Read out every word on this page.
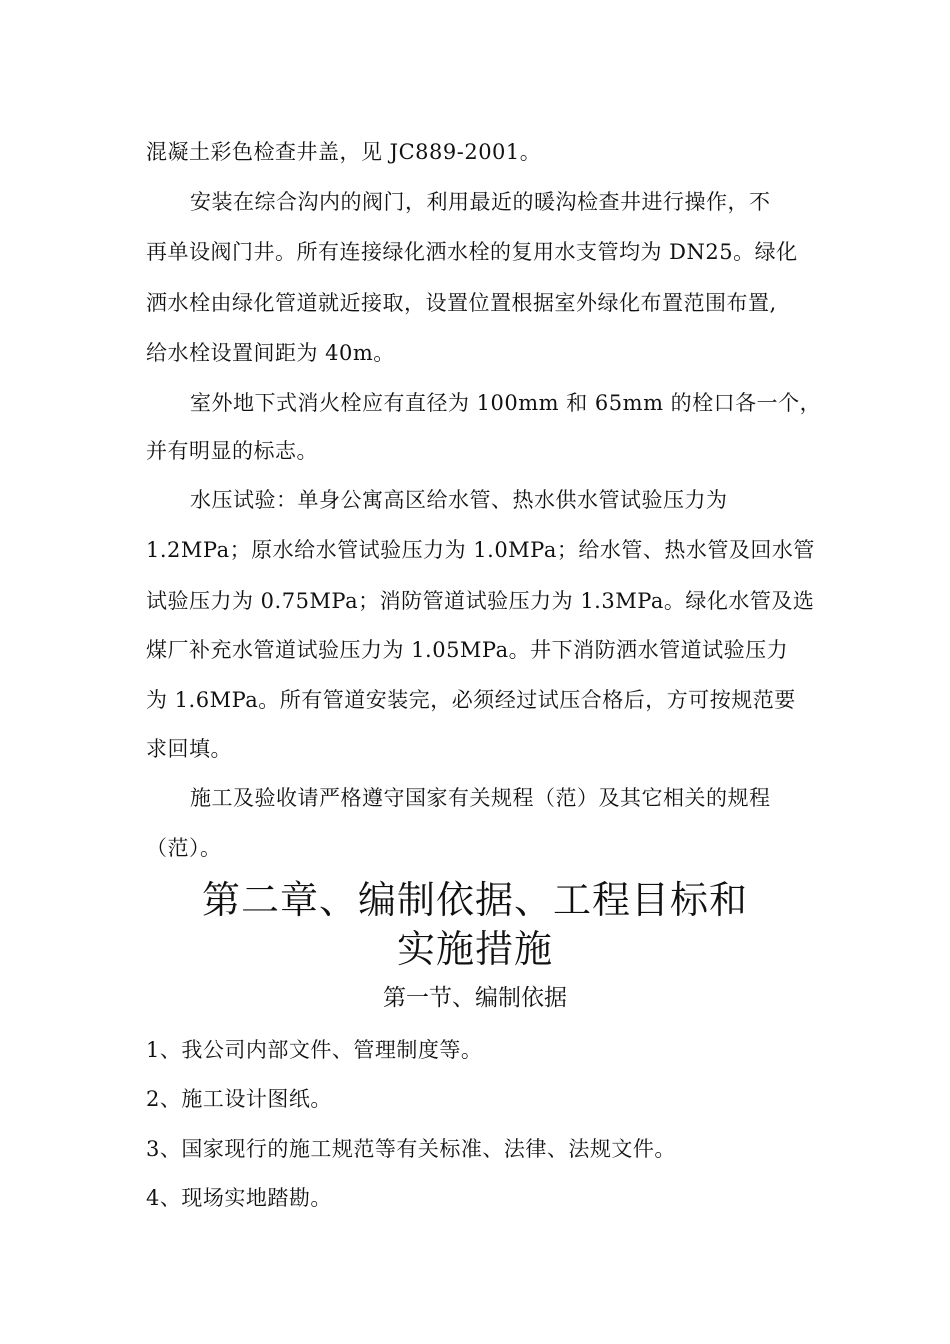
混凝土彩色检查井盖，见 JC889-2001。
安装在综合沟内的阀门，利用最近的暖沟检查井进行操作，不
再单设阀门井。所有连接绿化洒水栓的复用水支管均为 DN25。绿化
洒水栓由绿化管道就近接取，设置位置根据室外绿化布置范围布置,
给水栓设置间距为 40m。
室外地下式消火栓应有直径为 100mm 和 65mm 的栓口各一个，
并有明显的标志。
水压试验：单身公寓高区给水管、热水供水管试验压力为
1.2MPa；原水给水管试验压力为 1.0MPa；给水管、热水管及回水管
试验压力为 0.75MPa；消防管道试验压力为 1.3MPa。绿化水管及选
煤厂补充水管道试验压力为 1.05MPa。井下消防洒水管道试验压力
为 1.6MPa。所有管道安装完，必须经过试压合格后，方可按规范要
求回填。
施工及验收请严格遵守国家有关规程（范）及其它相关的规程
（范）。
第二章、编制依据、工程目标和
实施措施
第一节、编制依据
1、我公司内部文件、管理制度等。
2、施工设计图纸。
3、国家现行的施工规范等有关标准、法律、法规文件。
4、现场实地踏勘。
